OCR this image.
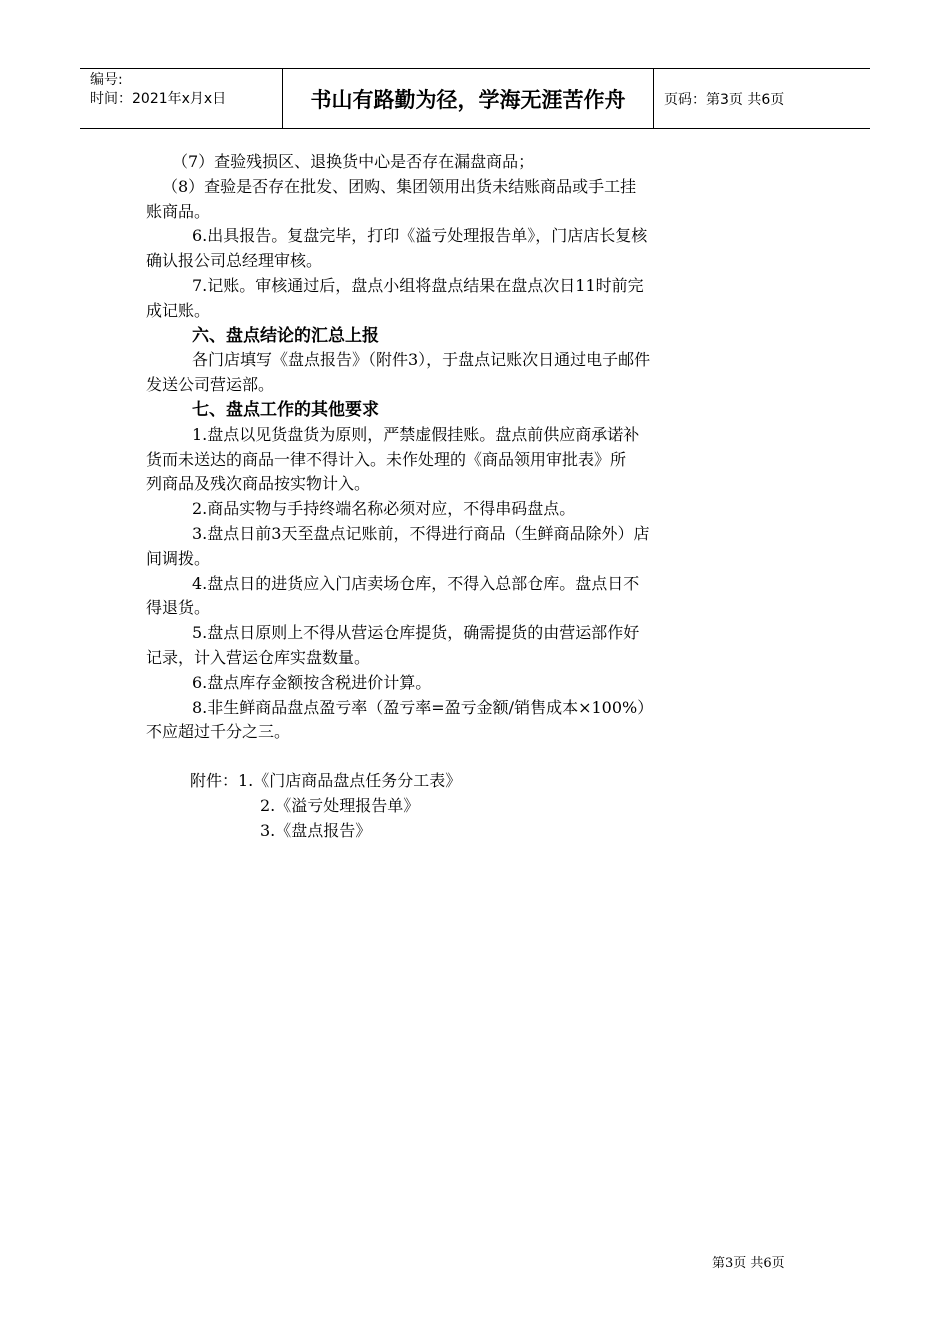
编号:
时间：2021年x月x日	书山有路勤为径，学海无涯苦作舟	页码：第3页 共6页
（7）查验残损区、退换货中心是否存在漏盘商品；
（8）查验是否存在批发、团购、集团领用出货未结账商品或手工挂
账商品。
6.出具报告。复盘完毕，打印《溢亏处理报告单》，门店店长复核
确认报公司总经理审核。
7.记账。审核通过后，盘点小组将盘点结果在盘点次日11时前完
成记账。
六、盘点结论的汇总上报
各门店填写《盘点报告》（附件3），于盘点记账次日通过电子邮件
发送公司营运部。
七、盘点工作的其他要求
1.盘点以见货盘货为原则，严禁虚假挂账。盘点前供应商承诺补
货而未送达的商品一律不得计入。未作处理的《商品领用审批表》所
列商品及残次商品按实物计入。
2.商品实物与手持终端名称必须对应，不得串码盘点。
3.盘点日前3天至盘点记账前，不得进行商品（生鲜商品除外）店
间调拨。
4.盘点日的进货应入门店卖场仓库，不得入总部仓库。盘点日不
得退货。
5.盘点日原则上不得从营运仓库提货，确需提货的由营运部作好
记录，计入营运仓库实盘数量。
6.盘点库存金额按含税进价计算。
8.非生鲜商品盘点盈亏率（盈亏率=盈亏金额/销售成本×100%）
不应超过千分之三。
附件：1.《门店商品盘点任务分工表》
2.《溢亏处理报告单》
3.《盘点报告》
第3页 共6页
